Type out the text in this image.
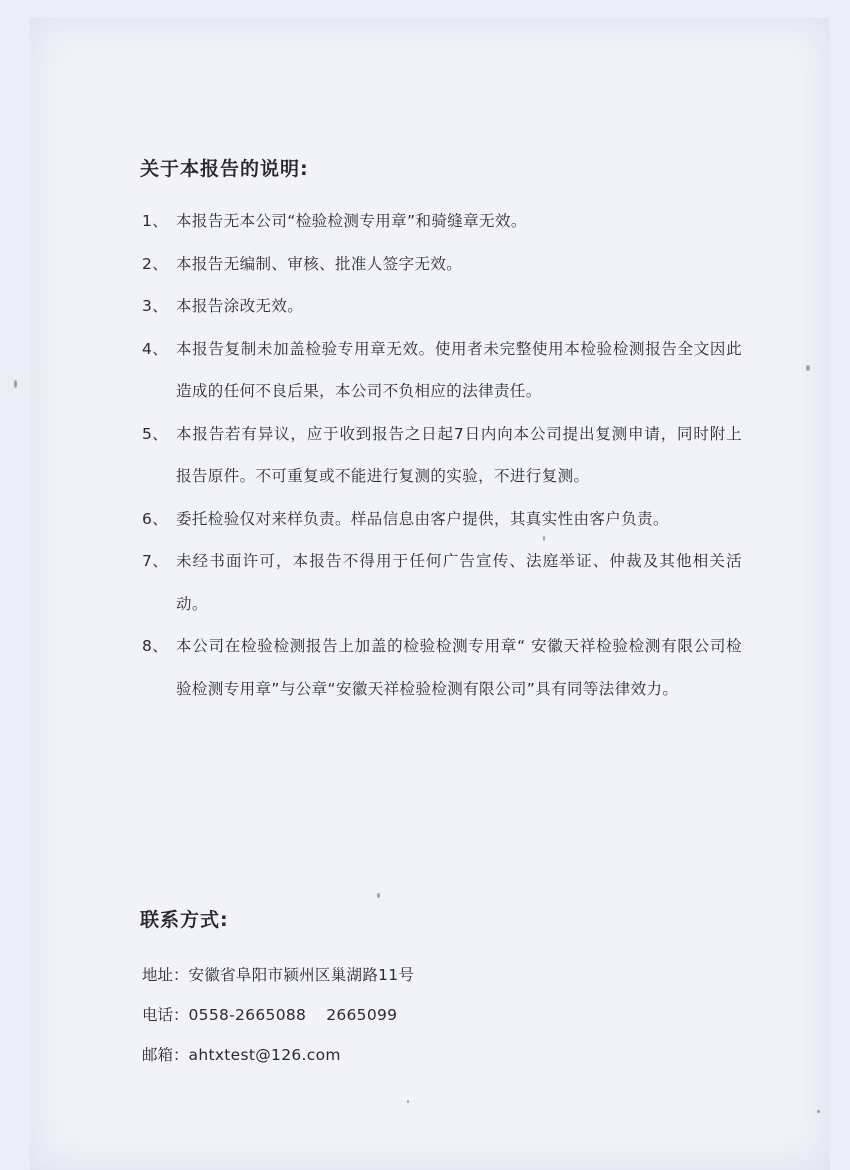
关于本报告的说明:
1、 本报告无本公司“检验检测专用章”和骑缝章无效。
2、 本报告无编制、审核、批准人签字无效。
3、 本报告涂改无效。
4、 本报告复制未加盖检验专用章无效。使用者未完整使用本检验检测报告全文因此造成的任何不良后果，本公司不负相应的法律责任。
5、 本报告若有异议，应于收到报告之日起7日内向本公司提出复测申请，同时附上报告原件。不可重复或不能进行复测的实验，不进行复测。
6、 委托检验仅对来样负责。样品信息由客户提供，其真实性由客户负责。
7、 未经书面许可，本报告不得用于任何广告宣传、法庭举证、仲裁及其他相关活动。
8、 本公司在检验检测报告上加盖的检验检测专用章“ 安徽天祥检验检测有限公司检验检测专用章”与公章“安徽天祥检验检测有限公司”具有同等法律效力。
联系方式:
地址：安徽省阜阳市颍州区巢湖路11号
电话：0558-2665088 2665099
邮箱：ahtxtest@126.com
